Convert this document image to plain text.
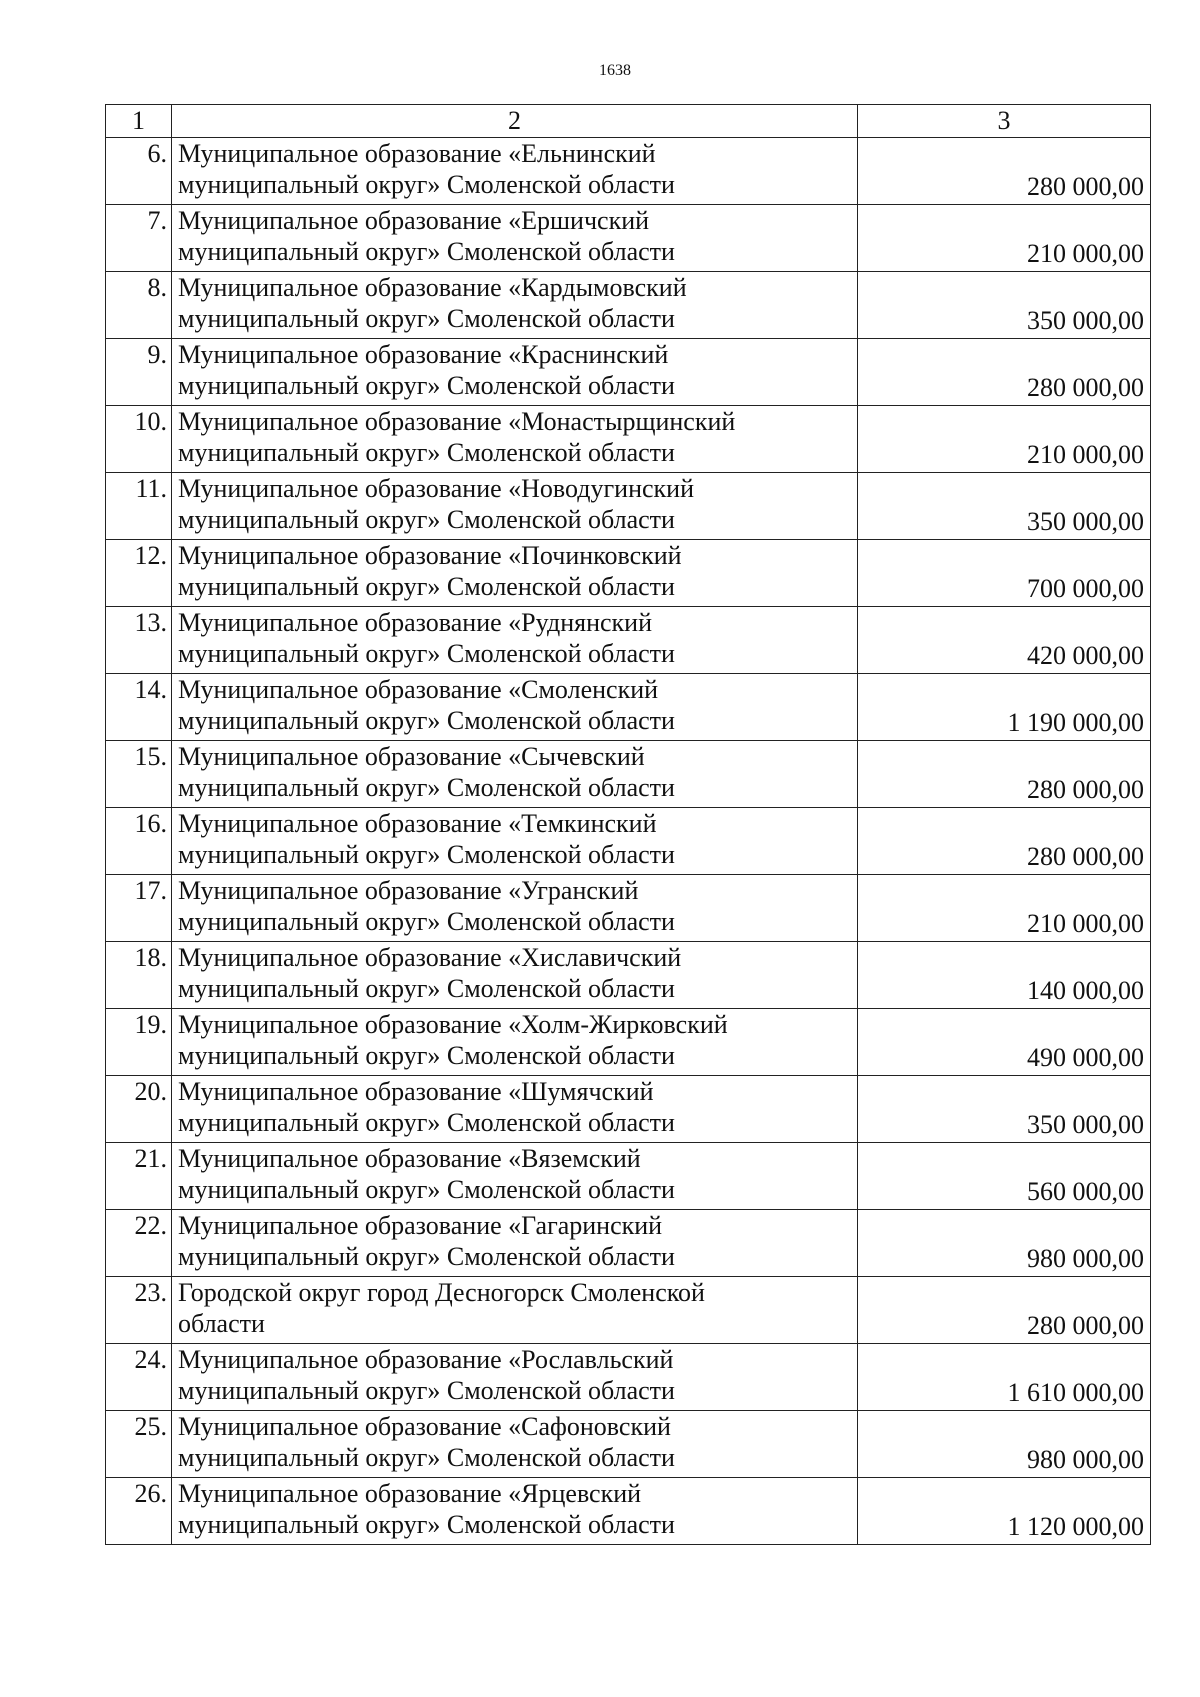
1638
1	2	3
6.	Муниципальное образование «Ельнинский
муниципальный округ» Смоленской области	280 000,00
7.	Муниципальное образование «Ершичский
муниципальный округ» Смоленской области	210 000,00
8.	Муниципальное образование «Кардымовский
муниципальный округ» Смоленской области	350 000,00
9.	Муниципальное образование «Краснинский
муниципальный округ» Смоленской области	280 000,00
10.	Муниципальное образование «Монастырщинский
муниципальный округ» Смоленской области	210 000,00
11.	Муниципальное образование «Новодугинский
муниципальный округ» Смоленской области	350 000,00
12.	Муниципальное образование «Починковский
муниципальный округ» Смоленской области	700 000,00
13.	Муниципальное образование «Руднянский
муниципальный округ» Смоленской области	420 000,00
14.	Муниципальное образование «Смоленский
муниципальный округ» Смоленской области	1 190 000,00
15.	Муниципальное образование «Сычевский
муниципальный округ» Смоленской области	280 000,00
16.	Муниципальное образование «Темкинский
муниципальный округ» Смоленской области	280 000,00
17.	Муниципальное образование «Угранский
муниципальный округ» Смоленской области	210 000,00
18.	Муниципальное образование «Хиславичский
муниципальный округ» Смоленской области	140 000,00
19.	Муниципальное образование «Холм-Жирковский
муниципальный округ» Смоленской области	490 000,00
20.	Муниципальное образование «Шумячский
муниципальный округ» Смоленской области	350 000,00
21.	Муниципальное образование «Вяземский
муниципальный округ» Смоленской области	560 000,00
22.	Муниципальное образование «Гагаринский
муниципальный округ» Смоленской области	980 000,00
23.	Городской округ город Десногорск Смоленской
области	280 000,00
24.	Муниципальное образование «Рославльский
муниципальный округ» Смоленской области	1 610 000,00
25.	Муниципальное образование «Сафоновский
муниципальный округ» Смоленской области	980 000,00
26.	Муниципальное образование «Ярцевский
муниципальный округ» Смоленской области	1 120 000,00
